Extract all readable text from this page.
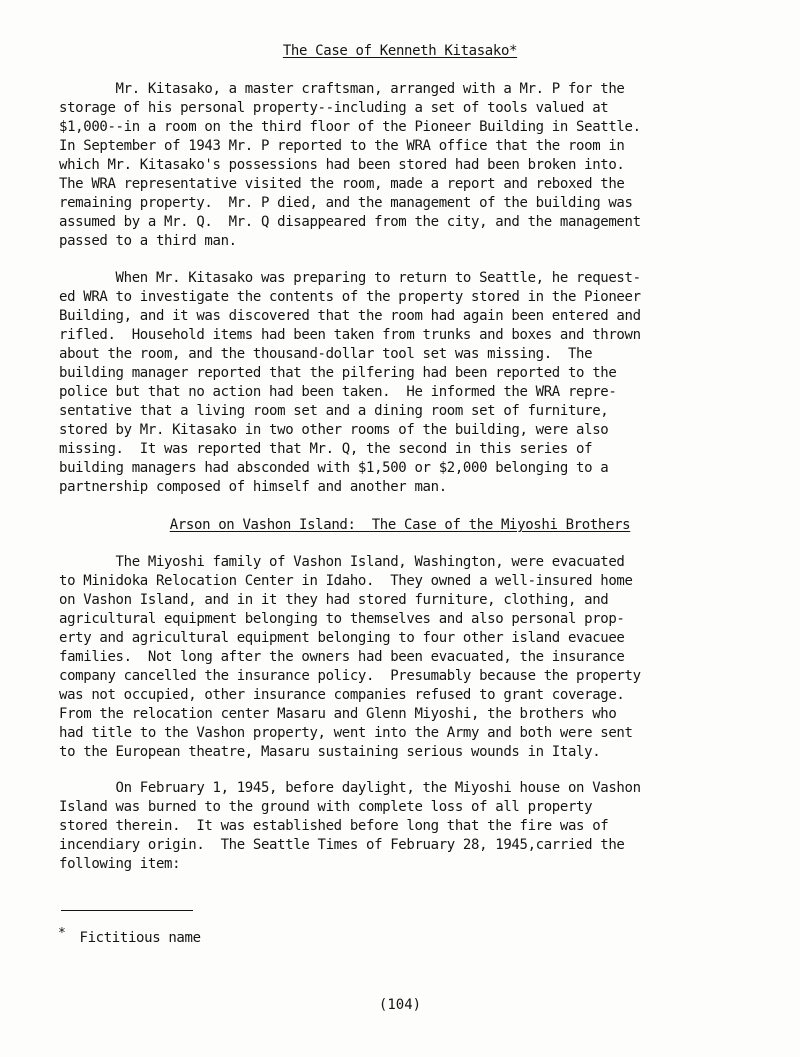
The Case of Kenneth Kitasako*
Mr. Kitasako, a master craftsman, arranged with a Mr. P for the
storage of his personal property--including a set of tools valued at
$1,000--in a room on the third floor of the Pioneer Building in Seattle.
In September of 1943 Mr. P reported to the WRA office that the room in
which Mr. Kitasako's possessions had been stored had been broken into.
The WRA representative visited the room, made a report and reboxed the
remaining property.  Mr. P died, and the management of the building was
assumed by a Mr. Q.  Mr. Q disappeared from the city, and the management
passed to a third man.
When Mr. Kitasako was preparing to return to Seattle, he request-
ed WRA to investigate the contents of the property stored in the Pioneer
Building, and it was discovered that the room had again been entered and
rifled.  Household items had been taken from trunks and boxes and thrown
about the room, and the thousand-dollar tool set was missing.  The
building manager reported that the pilfering had been reported to the
police but that no action had been taken.  He informed the WRA repre-
sentative that a living room set and a dining room set of furniture,
stored by Mr. Kitasako in two other rooms of the building, were also
missing.  It was reported that Mr. Q, the second in this series of
building managers had absconded with $1,500 or $2,000 belonging to a
partnership composed of himself and another man.
Arson on Vashon Island:  The Case of the Miyoshi Brothers
The Miyoshi family of Vashon Island, Washington, were evacuated
to Minidoka Relocation Center in Idaho.  They owned a well-insured home
on Vashon Island, and in it they had stored furniture, clothing, and
agricultural equipment belonging to themselves and also personal prop-
erty and agricultural equipment belonging to four other island evacuee
families.  Not long after the owners had been evacuated, the insurance
company cancelled the insurance policy.  Presumably because the property
was not occupied, other insurance companies refused to grant coverage.
From the relocation center Masaru and Glenn Miyoshi, the brothers who
had title to the Vashon property, went into the Army and both were sent
to the European theatre, Masaru sustaining serious wounds in Italy.
On February 1, 1945, before daylight, the Miyoshi house on Vashon
Island was burned to the ground with complete loss of all property
stored therein.  It was established before long that the fire was of
incendiary origin.  The Seattle Times of February 28, 1945,carried the
following item:
* Fictitious name
(104)
